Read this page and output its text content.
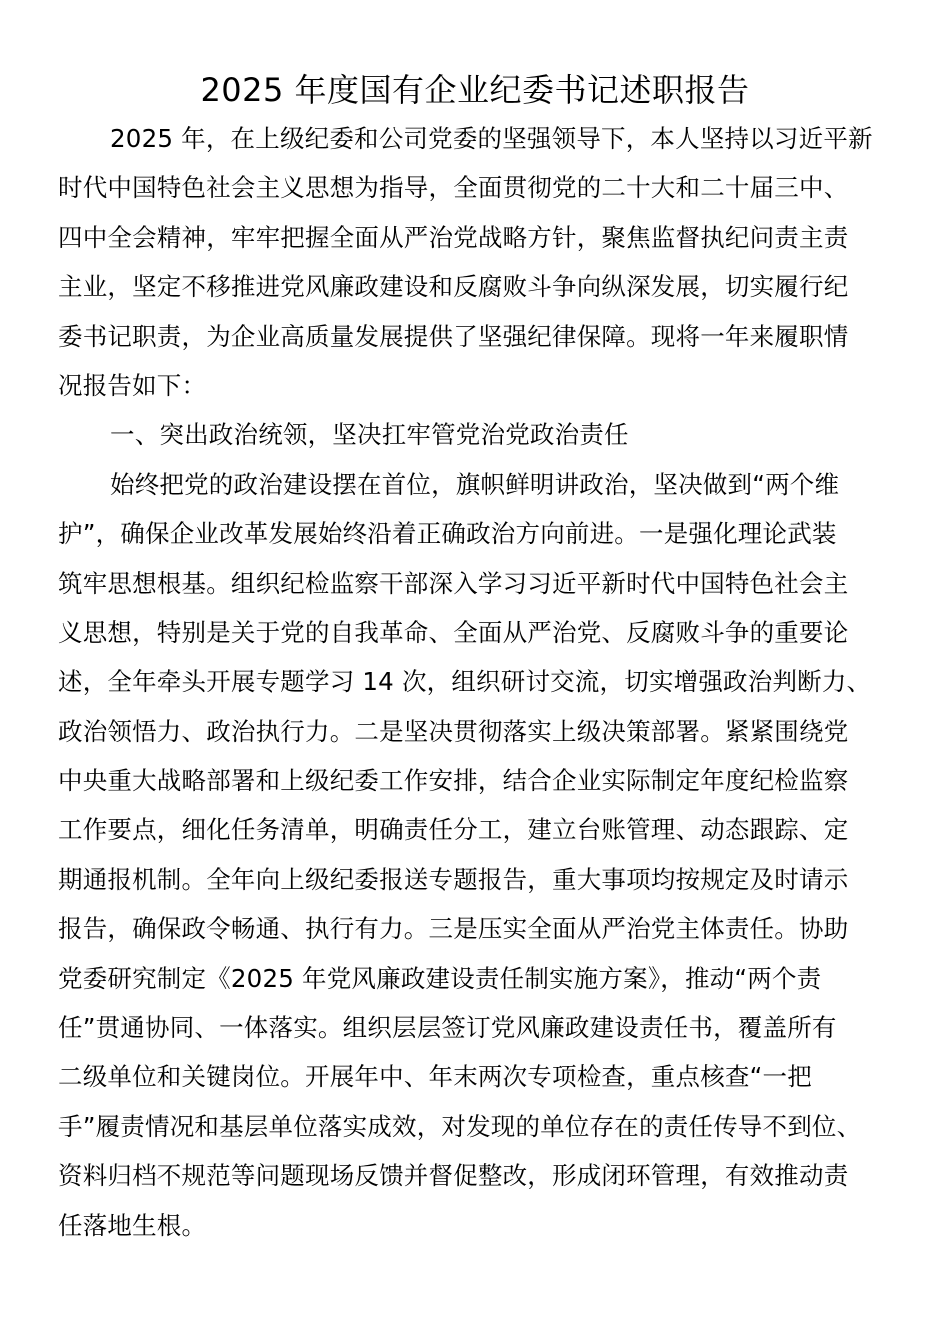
2025 年度国有企业纪委书记述职报告
2025 年，在上级纪委和公司党委的坚强领导下，本人坚持以习近平新
时代中国特色社会主义思想为指导，全面贯彻党的二十大和二十届三中、
四中全会精神，牢牢把握全面从严治党战略方针，聚焦监督执纪问责主责
主业，坚定不移推进党风廉政建设和反腐败斗争向纵深发展，切实履行纪
委书记职责，为企业高质量发展提供了坚强纪律保障。现将一年来履职情
况报告如下：
一、突出政治统领，坚决扛牢管党治党政治责任
始终把党的政治建设摆在首位，旗帜鲜明讲政治，坚决做到“两个维
护”，确保企业改革发展始终沿着正确政治方向前进。一是强化理论武装
筑牢思想根基。组织纪检监察干部深入学习习近平新时代中国特色社会主
义思想，特别是关于党的自我革命、全面从严治党、反腐败斗争的重要论
述，全年牵头开展专题学习 14 次，组织研讨交流，切实增强政治判断力、
政治领悟力、政治执行力。二是坚决贯彻落实上级决策部署。紧紧围绕党
中央重大战略部署和上级纪委工作安排，结合企业实际制定年度纪检监察
工作要点，细化任务清单，明确责任分工，建立台账管理、动态跟踪、定
期通报机制。全年向上级纪委报送专题报告，重大事项均按规定及时请示
报告，确保政令畅通、执行有力。三是压实全面从严治党主体责任。协助
党委研究制定《2025 年党风廉政建设责任制实施方案》，推动“两个责
任”贯通协同、一体落实。组织层层签订党风廉政建设责任书，覆盖所有
二级单位和关键岗位。开展年中、年末两次专项检查，重点核查“一把
手”履责情况和基层单位落实成效，对发现的单位存在的责任传导不到位、
资料归档不规范等问题现场反馈并督促整改，形成闭环管理，有效推动责
任落地生根。
